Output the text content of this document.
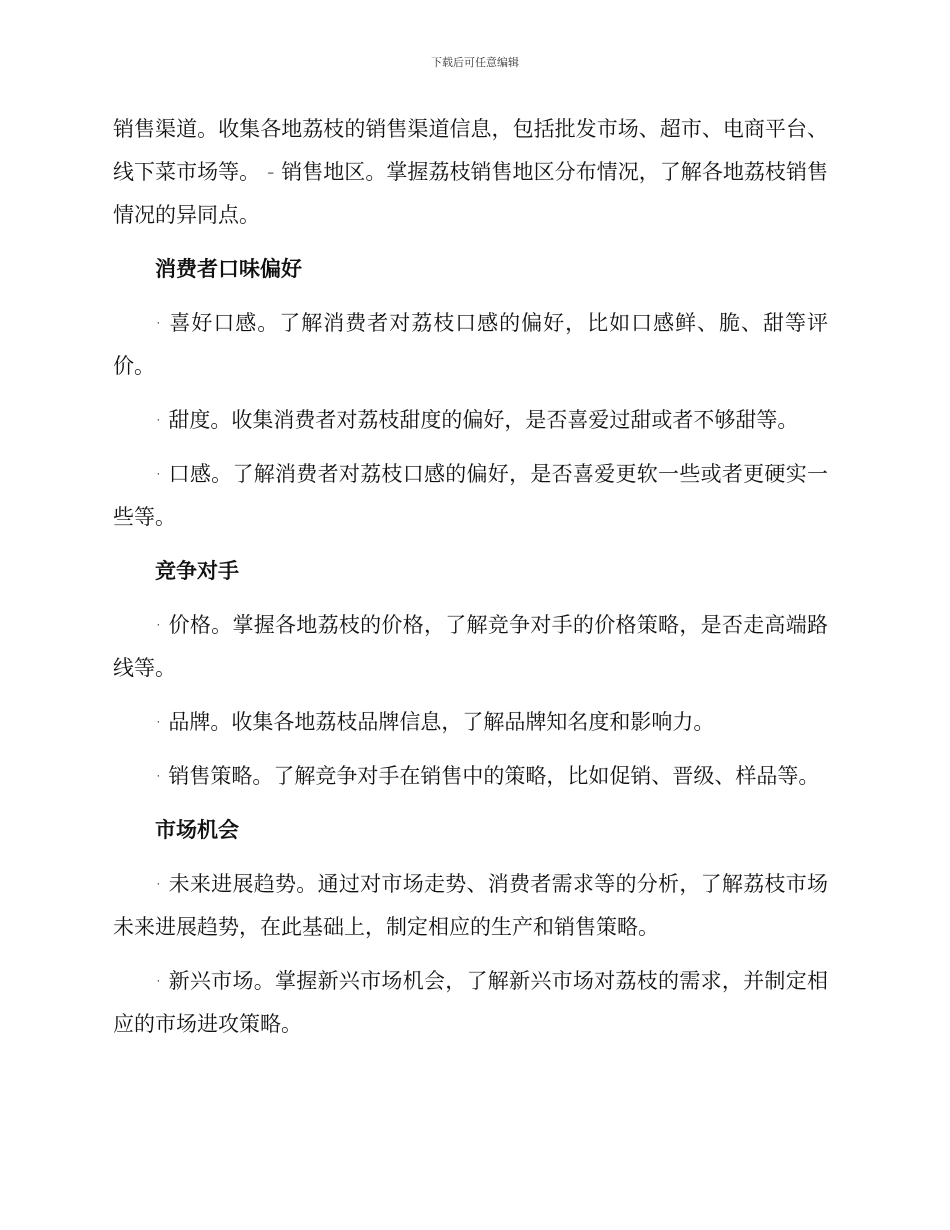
下载后可任意编辑

销售渠道。收集各地荔枝的销售渠道信息，包括批发市场、超市、电商平台、线下菜市场等。 - 销售地区。掌握荔枝销售地区分布情况，了解各地荔枝销售情况的异同点。

消费者口味偏好

· 喜好口感。了解消费者对荔枝口感的偏好，比如口感鲜、脆、甜等评价。

· 甜度。收集消费者对荔枝甜度的偏好，是否喜爱过甜或者不够甜等。

· 口感。了解消费者对荔枝口感的偏好，是否喜爱更软一些或者更硬实一些等。

竞争对手

· 价格。掌握各地荔枝的价格，了解竞争对手的价格策略，是否走高端路线等。

· 品牌。收集各地荔枝品牌信息，了解品牌知名度和影响力。

· 销售策略。了解竞争对手在销售中的策略，比如促销、晋级、样品等。

市场机会

· 未来进展趋势。通过对市场走势、消费者需求等的分析，了解荔枝市场未来进展趋势，在此基础上，制定相应的生产和销售策略。

· 新兴市场。掌握新兴市场机会，了解新兴市场对荔枝的需求，并制定相应的市场进攻策略。
